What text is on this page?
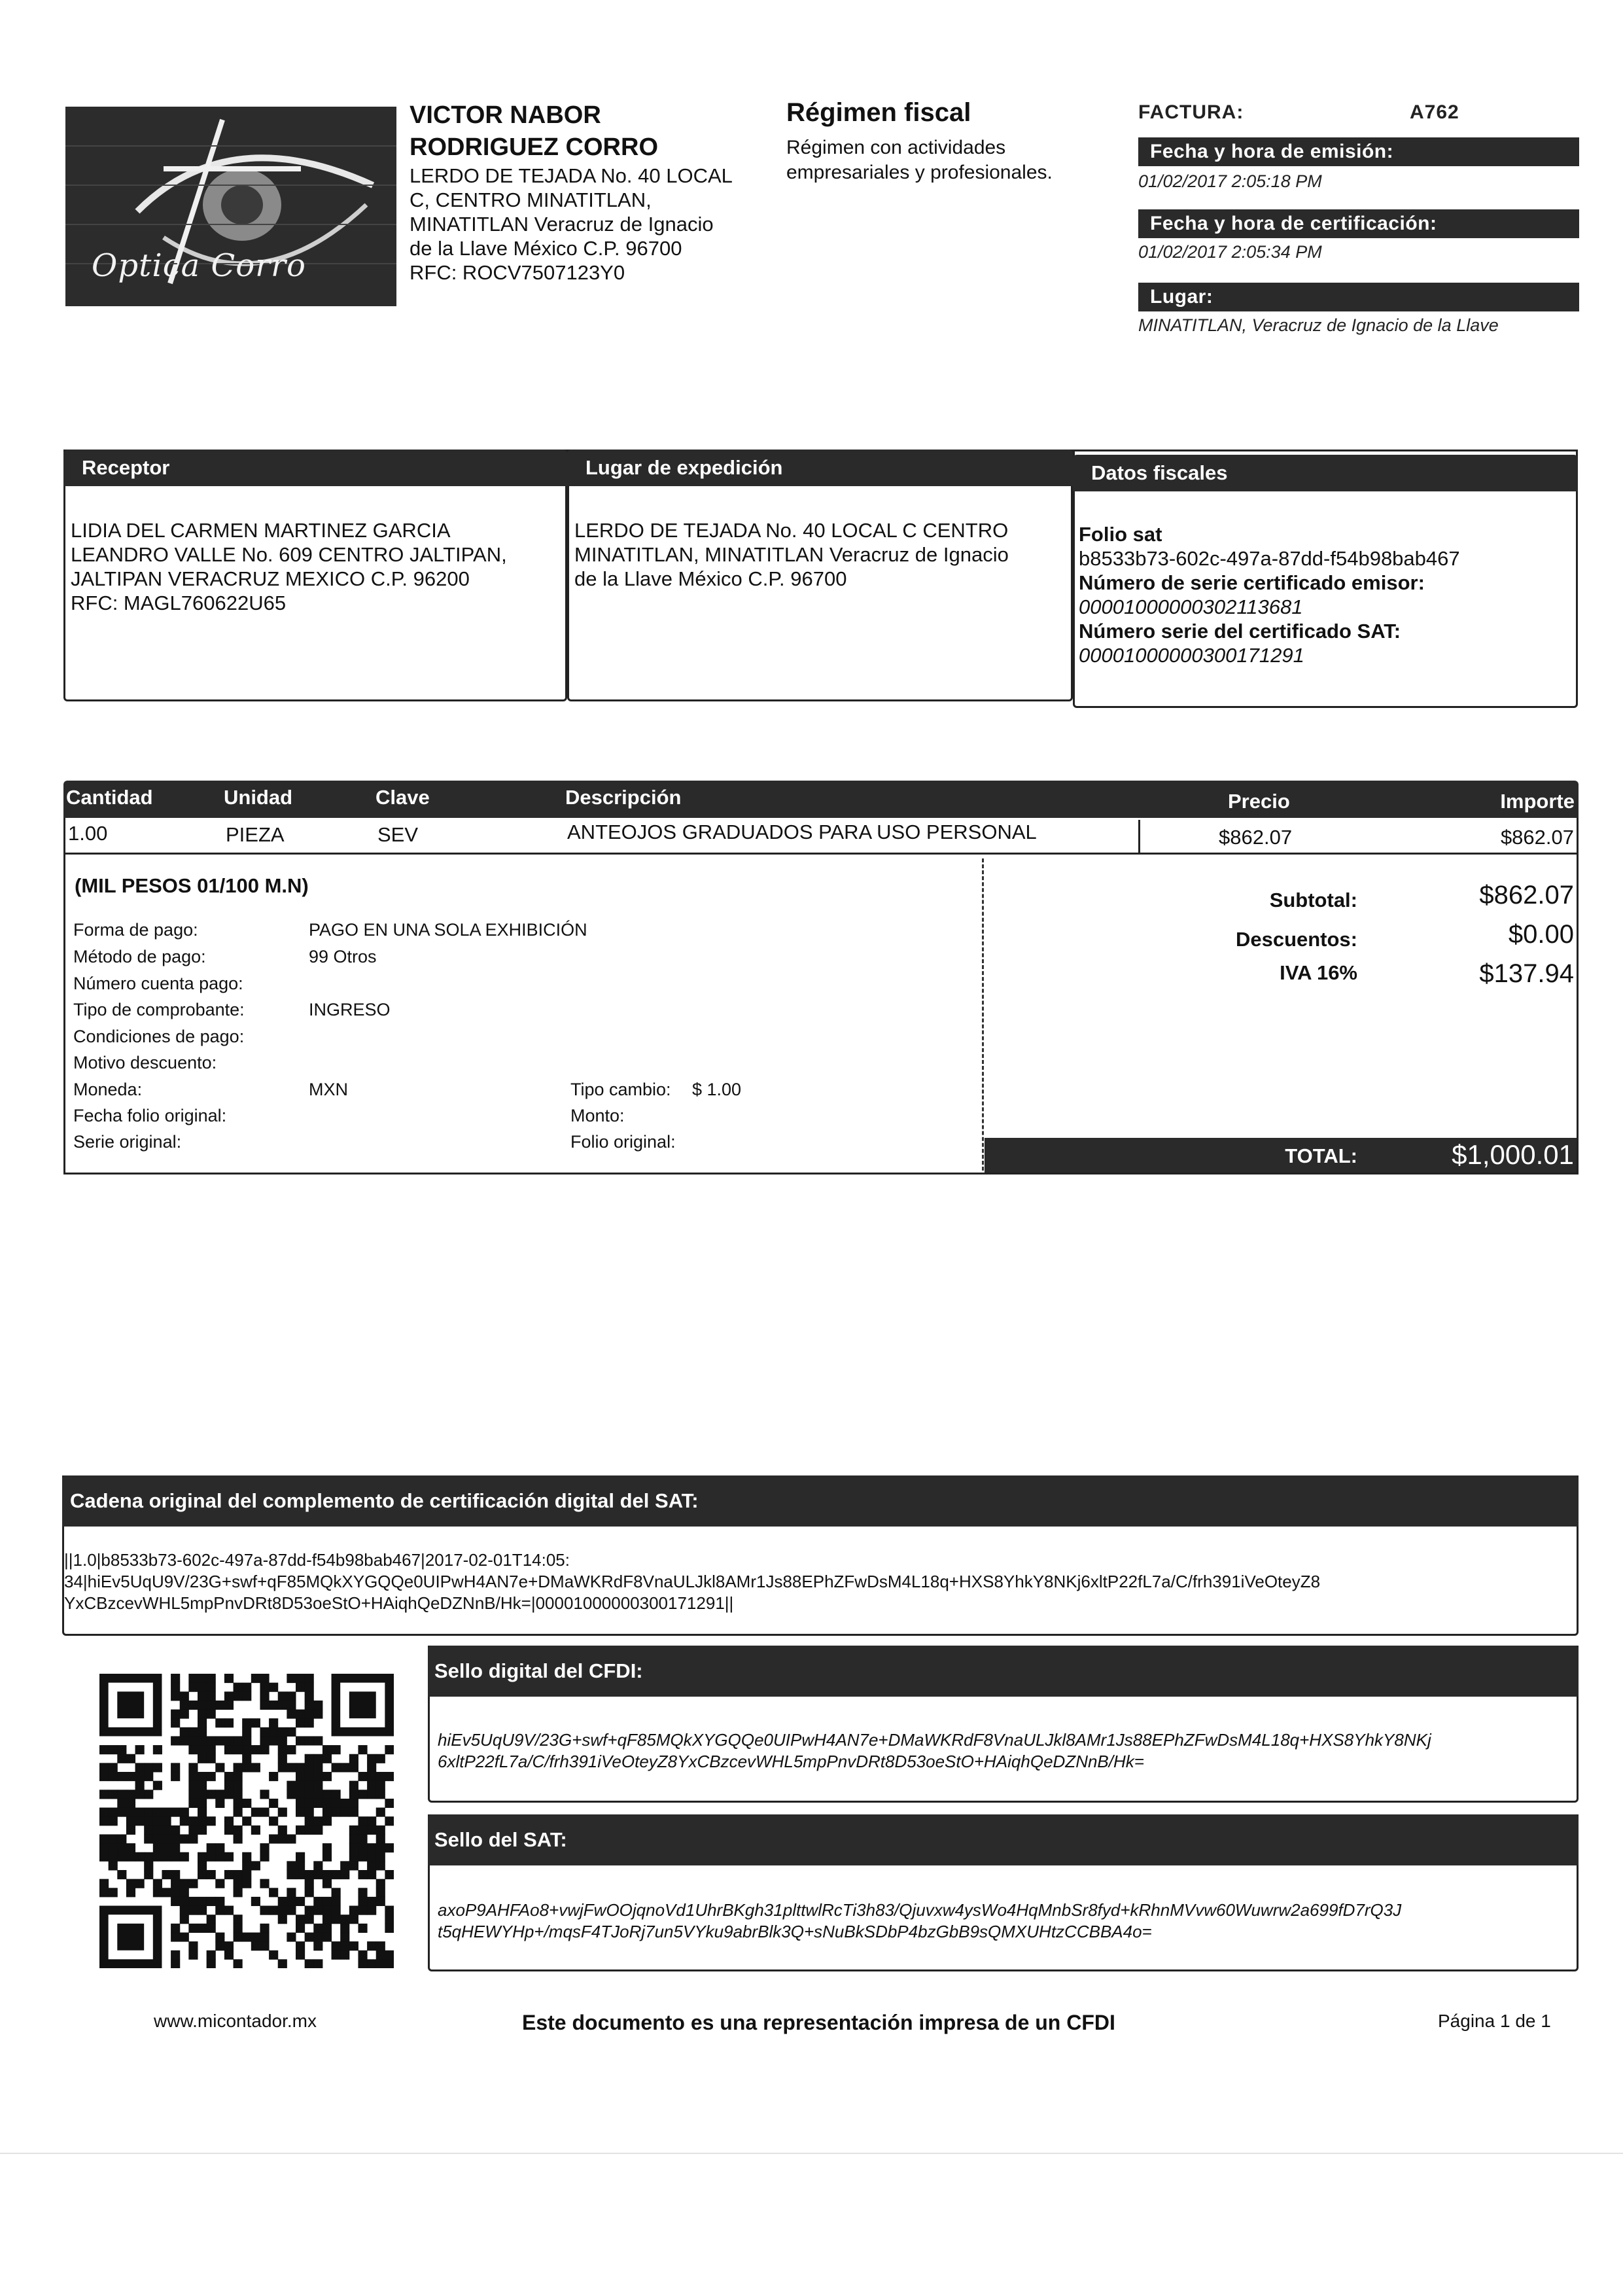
Optica Corro
VICTOR NABOR
RODRIGUEZ CORRO
LERDO DE TEJADA No. 40 LOCAL
C, CENTRO MINATITLAN,
MINATITLAN Veracruz de Ignacio
de la Llave México C.P. 96700
RFC: ROCV7507123Y0
Régimen fiscal
Régimen con actividades
empresariales y profesionales.
FACTURA:	A762
Fecha y hora de emisión:
01/02/2017 2:05:18 PM
Fecha y hora de certificación:
01/02/2017 2:05:34 PM
Lugar:
MINATITLAN, Veracruz de Ignacio de la Llave
Receptor
LIDIA DEL CARMEN MARTINEZ GARCIA
LEANDRO VALLE No. 609 CENTRO JALTIPAN,
JALTIPAN VERACRUZ MEXICO C.P. 96200
RFC: MAGL760622U65
Lugar de expedición
LERDO DE TEJADA No. 40 LOCAL C CENTRO
MINATITLAN, MINATITLAN Veracruz de Ignacio
de la Llave México C.P. 96700
Datos fiscales
Folio sat
b8533b73-602c-497a-87dd-f54b98bab467
Número de serie certificado emisor:
00001000000302113681
Número serie del certificado SAT:
00001000000300171291
Cantidad	Unidad	Clave	Descripción	Precio	Importe
1.00	PIEZA	SEV	ANTEOJOS GRADUADOS PARA USO PERSONAL	$862.07	$862.07
(MIL PESOS 01/100 M.N)
Forma de pago:	PAGO EN UNA SOLA EXHIBICIÓN
Método de pago:	99 Otros
Número cuenta pago:
Tipo de comprobante:	INGRESO
Condiciones de pago:
Motivo descuento:
Moneda:	MXN	Tipo cambio: $ 1.00
Fecha folio original:	Monto:
Serie original:	Folio original:
Subtotal:	$862.07
Descuentos:	$0.00
IVA 16%	$137.94
TOTAL:	$1,000.01
Cadena original del complemento de certificación digital del SAT:
||1.0|b8533b73-602c-497a-87dd-f54b98bab467|2017-02-01T14:05:
34|hiEv5UqU9V/23G+swf+qF85MQkXYGQQe0UIPwH4AN7e+DMaWKRdF8VnaULJkl8AMr1Js88EPhZFwDsM4L18q+HXS8YhkY8NKj6xltP22fL7a/C/frh391iVeOteyZ8
YxCBzcevWHL5mpPnvDRt8D53oeStO+HAiqhQeDZNnB/Hk=|00001000000300171291||
Sello digital del CFDI:
hiEv5UqU9V/23G+swf+qF85MQkXYGQQe0UIPwH4AN7e+DMaWKRdF8VnaULJkl8AMr1Js88EPhZFwDsM4L18q+HXS8YhkY8NKj
6xltP22fL7a/C/frh391iVeOteyZ8YxCBzcevWHL5mpPnvDRt8D53oeStO+HAiqhQeDZNnB/Hk=
Sello del SAT:
axoP9AHFAo8+vwjFwOOjqnoVd1UhrBKgh31plttwlRcTi3h83/Qjuvxw4ysWo4HqMnbSr8fyd+kRhnMVvw60Wuwrw2a699fD7rQ3J
t5qHEWYHp+/mqsF4TJoRj7un5VYku9abrBlk3Q+sNuBkSDbP4bzGbB9sQMXUHtzCCBBA4o=
www.micontador.mx	Este documento es una representación impresa de un CFDI	Página 1 de 1
